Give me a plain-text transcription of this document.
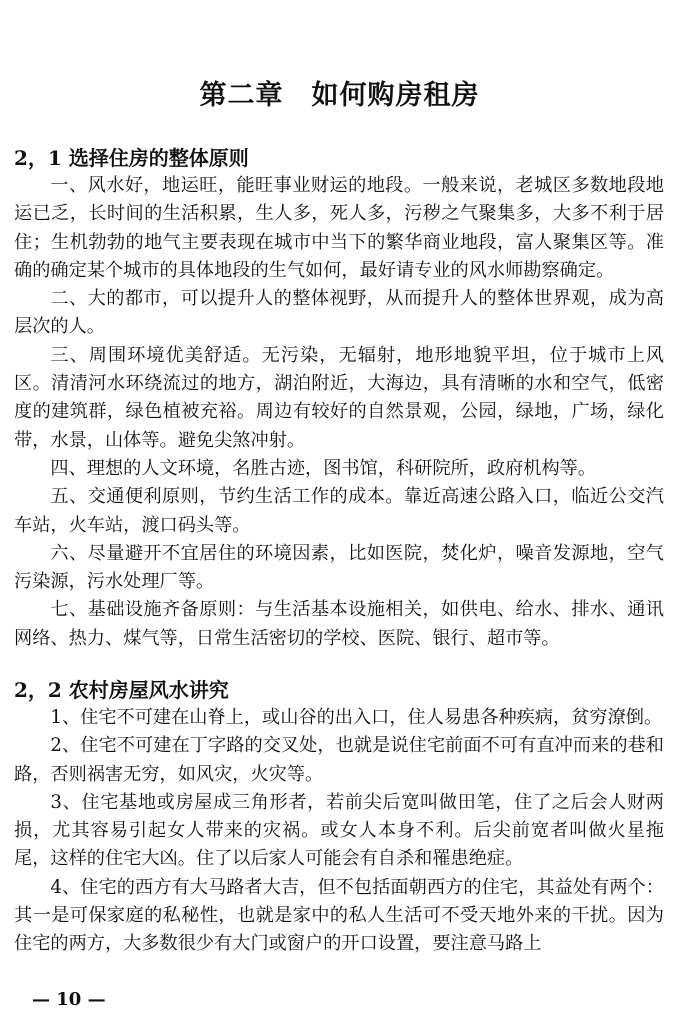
第二章　如何购房租房
2，1 选择住房的整体原则

一、风水好，地运旺，能旺事业财运的地段。一般来说，老城区多数地段地运已乏，长时间的生活积累，生人多，死人多，污秽之气聚集多，大多不利于居住；生机勃勃的地气主要表现在城市中当下的繁华商业地段，富人聚集区等。准确的确定某个城市的具体地段的生气如何，最好请专业的风水师勘察确定。

二、大的都市，可以提升人的整体视野，从而提升人的整体世界观，成为高层次的人。

三、周围环境优美舒适。无污染，无辐射，地形地貌平坦，位于城市上风区。清清河水环绕流过的地方，湖泊附近，大海边，具有清晰的水和空气，低密度的建筑群，绿色植被充裕。周边有较好的自然景观，公园，绿地，广场，绿化带，水景，山体等。避免尖煞冲射。

四、理想的人文环境，名胜古迹，图书馆，科研院所，政府机构等。

五、交通便利原则，节约生活工作的成本。靠近高速公路入口，临近公交汽车站，火车站，渡口码头等。

六、尽量避开不宜居住的环境因素，比如医院，焚化炉，噪音发源地，空气污染源，污水处理厂等。

七、基础设施齐备原则：与生活基本设施相关，如供电、给水、排水、通讯网络、热力、煤气等，日常生活密切的学校、医院、银行、超市等。

2，2 农村房屋风水讲究

1、住宅不可建在山脊上，或山谷的出入口，住人易患各种疾病，贫穷潦倒。

2、住宅不可建在丁字路的交叉处，也就是说住宅前面不可有直冲而来的巷和路，否则祸害无穷，如风灾，火灾等。

3、住宅基地或房屋成三角形者，若前尖后宽叫做田笔，住了之后会人财两损，尤其容易引起女人带来的灾祸。或女人本身不利。后尖前宽者叫做火星拖尾，这样的住宅大凶。住了以后家人可能会有自杀和罹患绝症。

4、住宅的西方有大马路者大吉，但不包括面朝西方的住宅，其益处有两个：其一是可保家庭的私秘性，也就是家中的私人生活可不受天地外来的干扰。因为住宅的两方，大多数很少有大门或窗户的开口设置，要注意马路上

— 10 —
